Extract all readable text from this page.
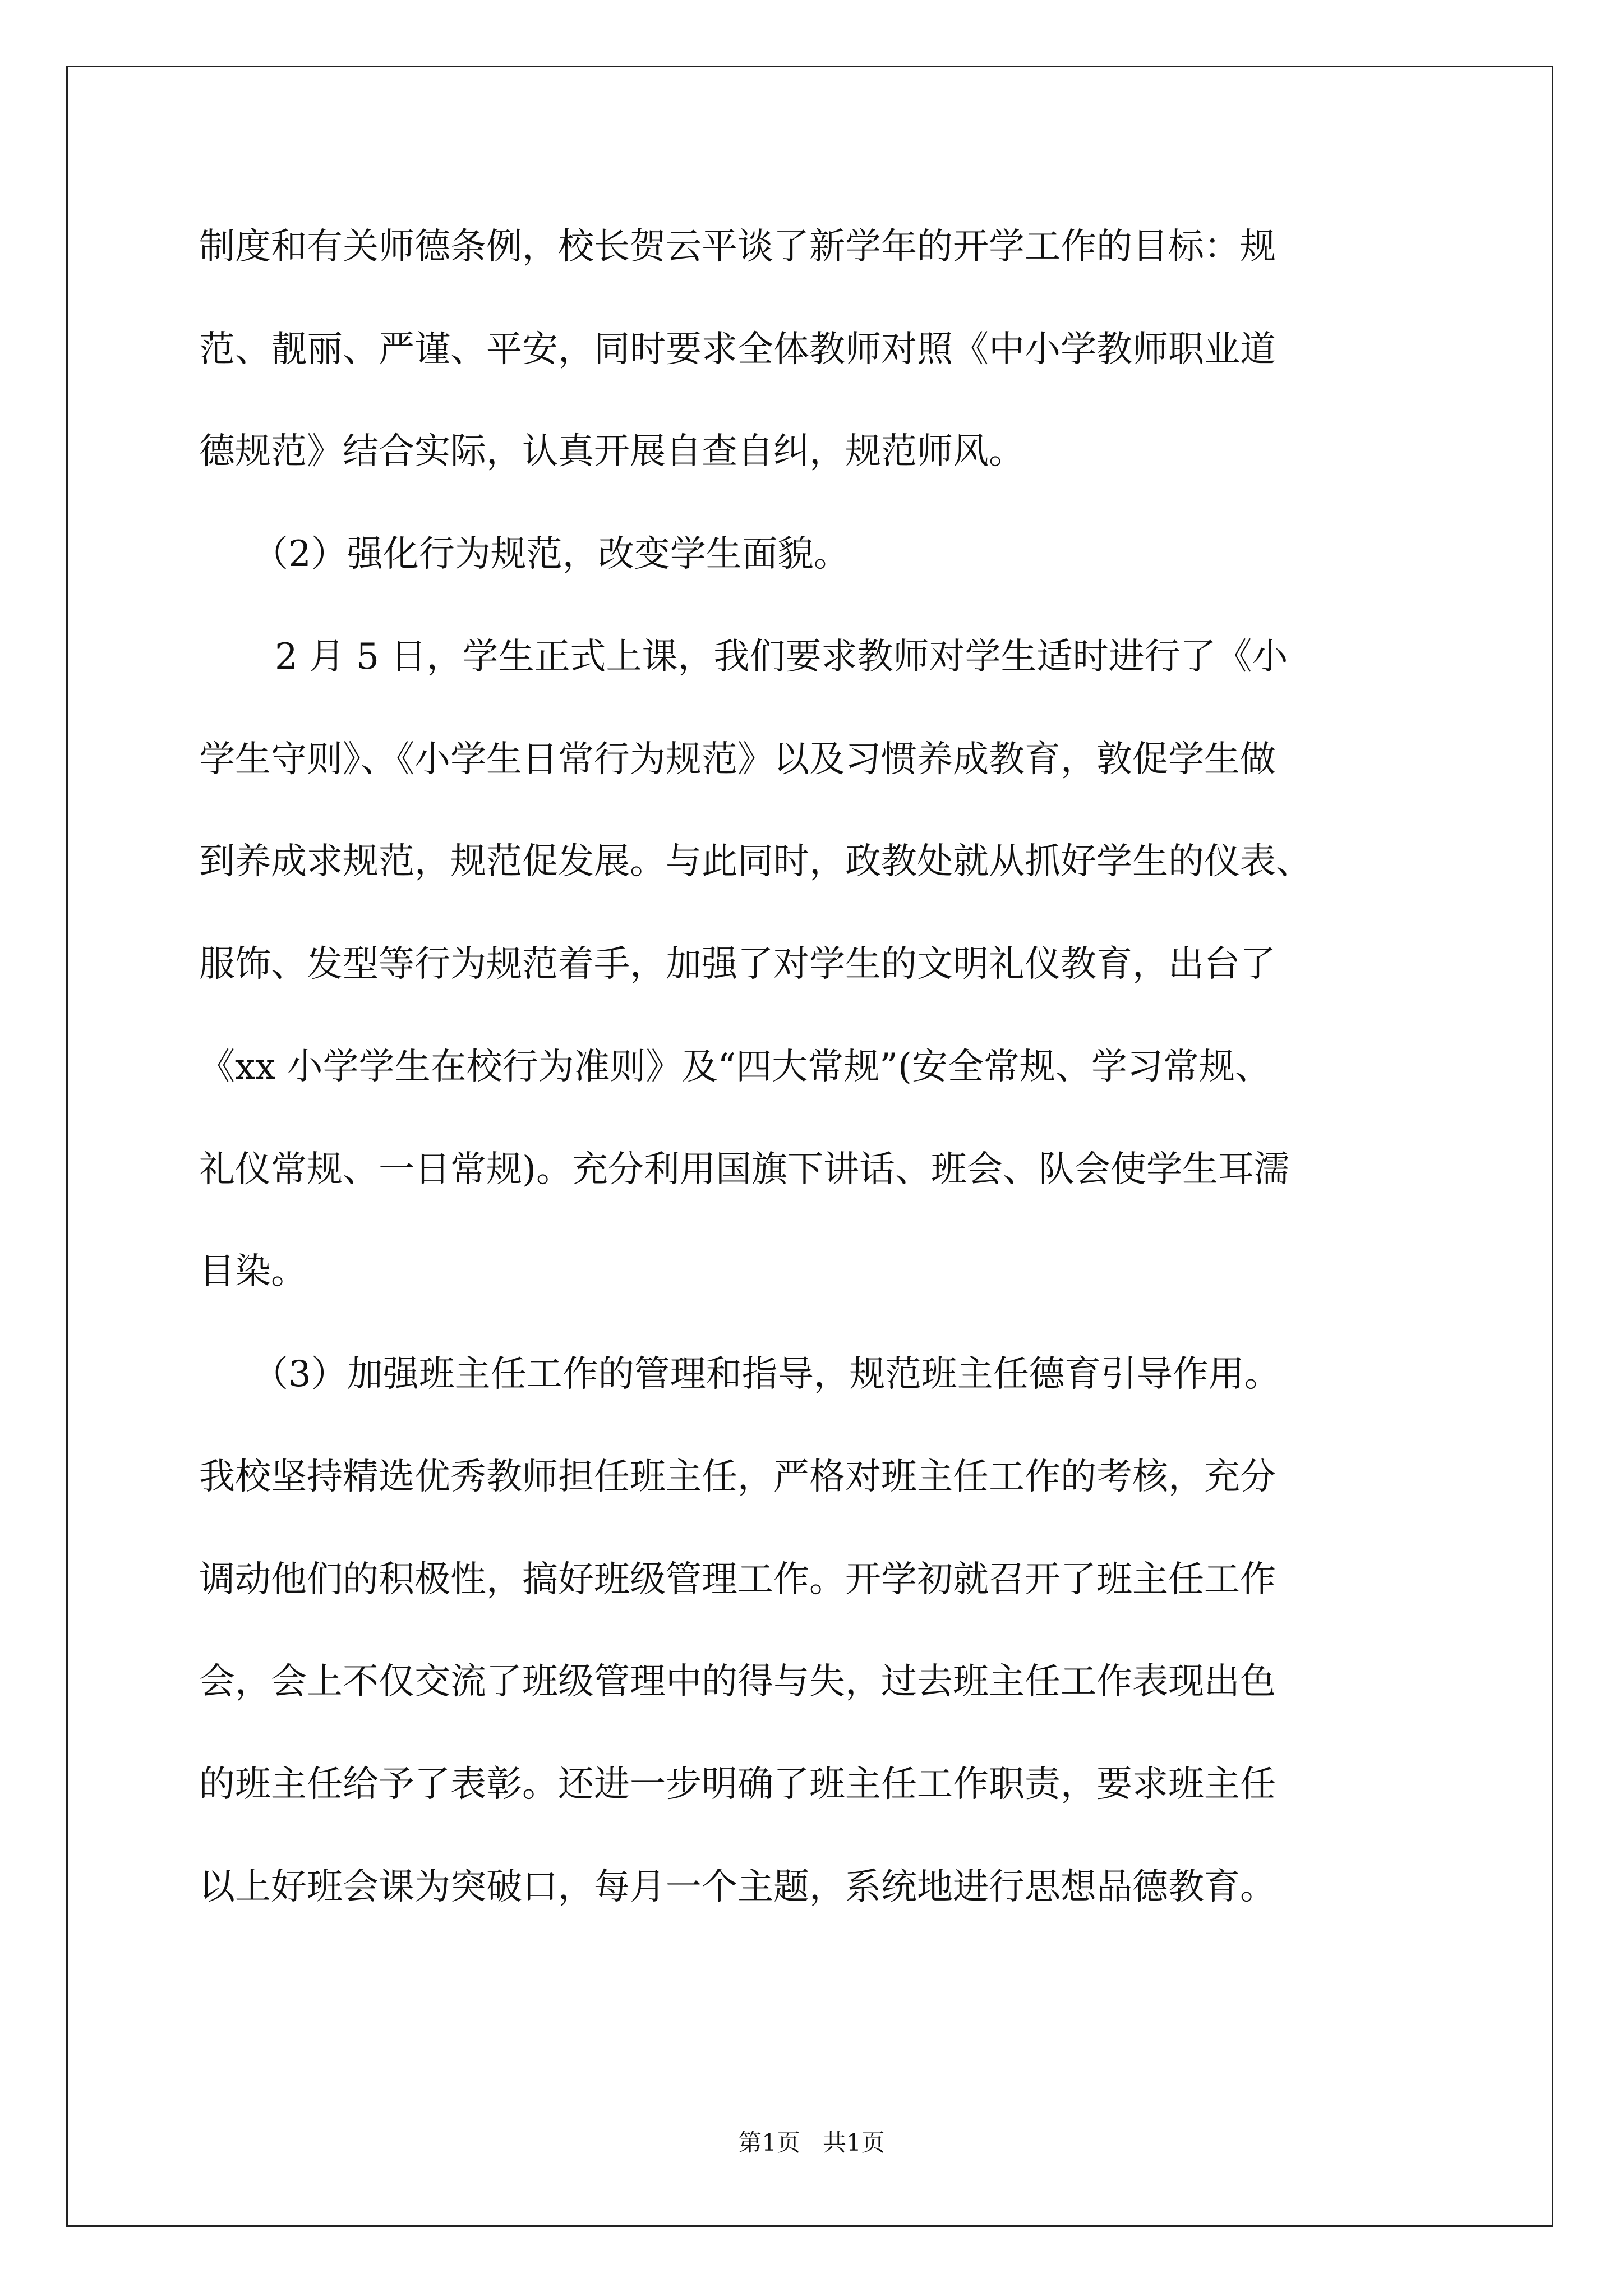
制度和有关师德条例，校长贺云平谈了新学年的开学工作的目标：规

范、靓丽、严谨、平安，同时要求全体教师对照《中小学教师职业道

德规范》结合实际，认真开展自查自纠，规范师风。

（2）强化行为规范，改变学生面貌。

2 月 5 日，学生正式上课，我们要求教师对学生适时进行了《小

学生守则》、《小学生日常行为规范》以及习惯养成教育，敦促学生做

到养成求规范，规范促发展。与此同时，政教处就从抓好学生的仪表、

服饰、发型等行为规范着手，加强了对学生的文明礼仪教育，出台了

《xx 小学学生在校行为准则》及“四大常规”(安全常规、学习常规、

礼仪常规、一日常规)。充分利用国旗下讲话、班会、队会使学生耳濡

目染。

（3）加强班主任工作的管理和指导，规范班主任德育引导作用。

我校坚持精选优秀教师担任班主任，严格对班主任工作的考核，充分

调动他们的积极性，搞好班级管理工作。开学初就召开了班主任工作

会，会上不仅交流了班级管理中的得与失，过去班主任工作表现出色

的班主任给予了表彰。还进一步明确了班主任工作职责，要求班主任

以上好班会课为突破口，每月一个主题，系统地进行思想品德教育。

第1页   共1页
